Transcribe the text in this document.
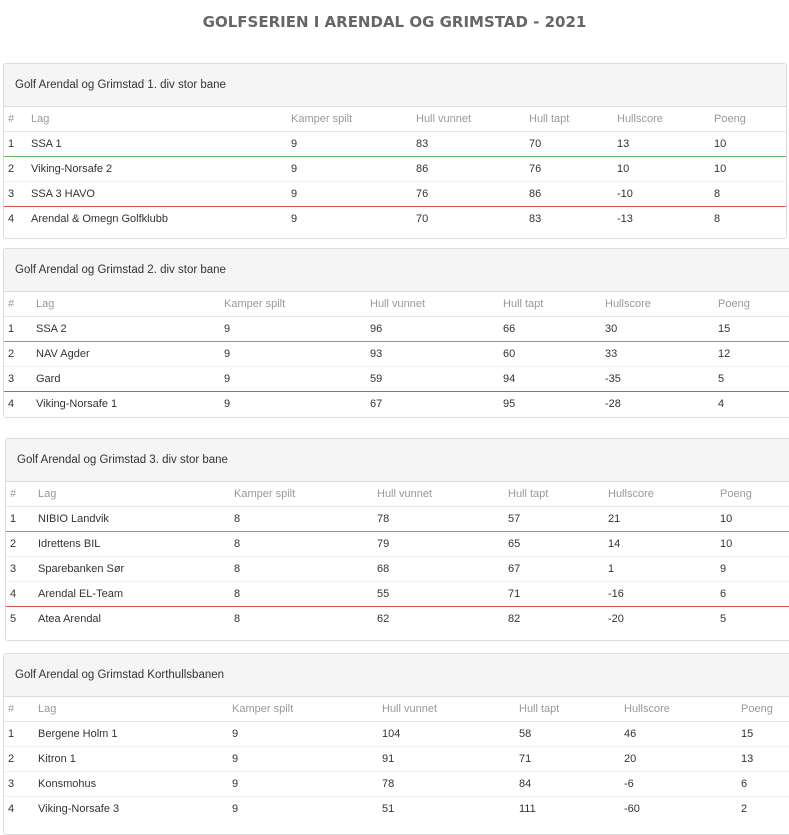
GOLFSERIEN I ARENDAL OG GRIMSTAD - 2021
Golf Arendal og Grimstad 1. div stor bane
#	Lag	Kamper spilt	Hull vunnet	Hull tapt	Hullscore	Poeng
1	SSA 1	9	83	70	13	10
2	Viking-Norsafe 2	9	86	76	10	10
3	SSA 3 HAVO	9	76	86	-10	8
4	Arendal & Omegn Golfklubb	9	70	83	-13	8
Golf Arendal og Grimstad 2. div stor bane
#	Lag	Kamper spilt	Hull vunnet	Hull tapt	Hullscore	Poeng
1	SSA 2	9	96	66	30	15
2	NAV Agder	9	93	60	33	12
3	Gard	9	59	94	-35	5
4	Viking-Norsafe 1	9	67	95	-28	4
Golf Arendal og Grimstad 3. div stor bane
#	Lag	Kamper spilt	Hull vunnet	Hull tapt	Hullscore	Poeng
1	NIBIO Landvik	8	78	57	21	10
2	Idrettens BIL	8	79	65	14	10
3	Sparebanken Sør	8	68	67	1	9
4	Arendal EL-Team	8	55	71	-16	6
5	Atea Arendal	8	62	82	-20	5
Golf Arendal og Grimstad Korthullsbanen
#	Lag	Kamper spilt	Hull vunnet	Hull tapt	Hullscore	Poeng
1	Bergene Holm 1	9	104	58	46	15
2	Kitron 1	9	91	71	20	13
3	Konsmohus	9	78	84	-6	6
4	Viking-Norsafe 3	9	51	111	-60	2
